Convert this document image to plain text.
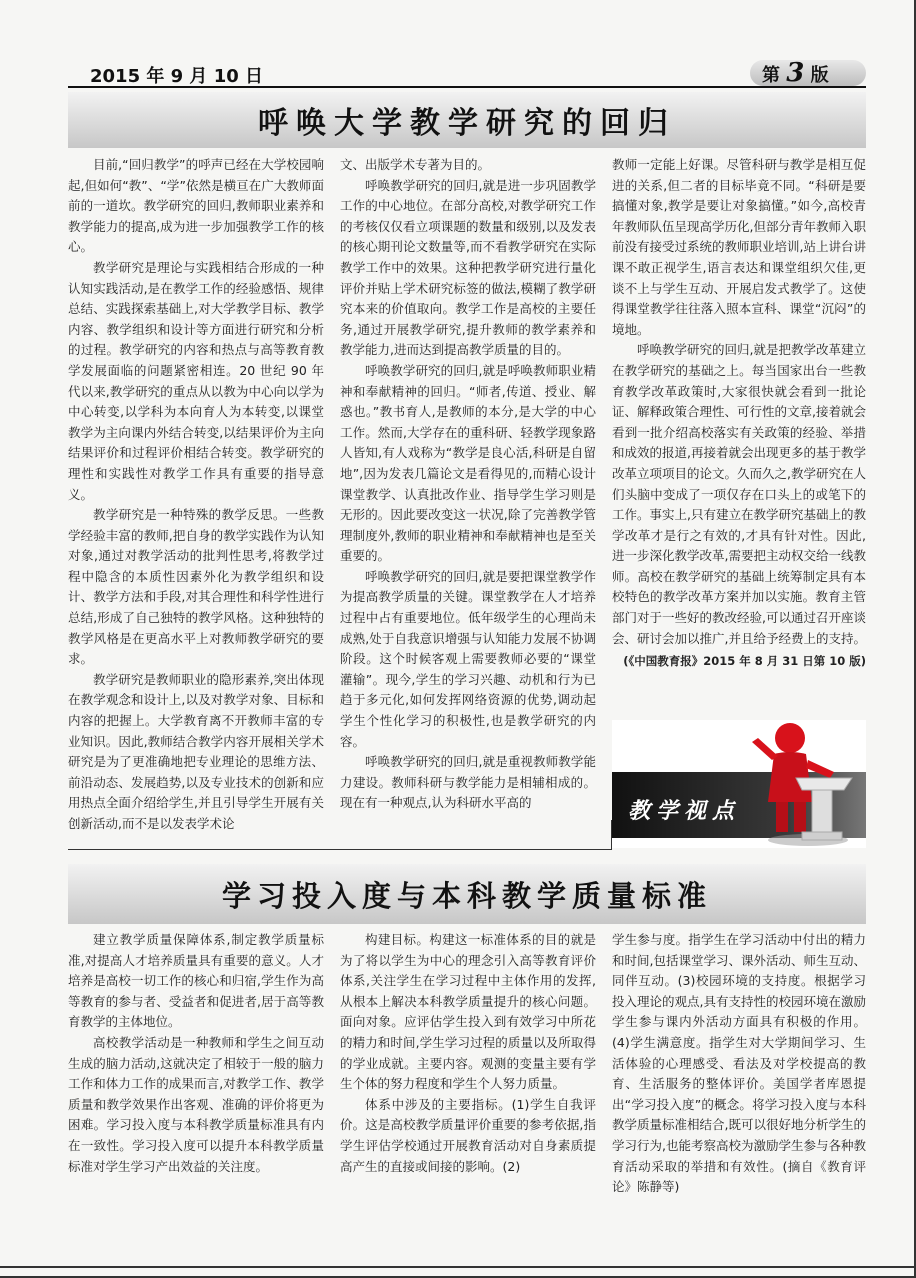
2015 年 9 月 10 日	第 3 版
呼唤大学教学研究的回归

目前,“回归教学”的呼声已经在大学校园响起,但如何“教”、“学”依然是横亘在广大教师面前的一道坎。教学研究的回归,教师职业素养和教学能力的提高,成为进一步加强教学工作的核心。

教学研究是理论与实践相结合形成的一种认知实践活动,是在教学工作的经验感悟、规律总结、实践探索基础上,对大学教学目标、教学内容、教学组织和设计等方面进行研究和分析的过程。教学研究的内容和热点与高等教育教学发展面临的问题紧密相连。20 世纪 90 年代以来,教学研究的重点从以教为中心向以学为中心转变,以学科为本向育人为本转变,以课堂教学为主向课内外结合转变,以结果评价为主向结果评价和过程评价相结合转变。教学研究的理性和实践性对教学工作具有重要的指导意义。

教学研究是一种特殊的教学反思。一些教学经验丰富的教师,把自身的教学实践作为认知对象,通过对教学活动的批判性思考,将教学过程中隐含的本质性因素外化为教学组织和设计、教学方法和手段,对其合理性和科学性进行总结,形成了自己独特的教学风格。这种独特的教学风格是在更高水平上对教师教学研究的要求。

教学研究是教师职业的隐形素养,突出体现在教学观念和设计上,以及对教学对象、目标和内容的把握上。大学教育离不开教师丰富的专业知识。因此,教师结合教学内容开展相关学术研究是为了更准确地把专业理论的思维方法、前沿动态、发展趋势,以及专业技术的创新和应用热点全面介绍给学生,并且引导学生开展有关创新活动,而不是以发表学术论

文、出版学术专著为目的。

呼唤教学研究的回归,就是进一步巩固教学工作的中心地位。在部分高校,对教学研究工作的考核仅仅看立项课题的数量和级别,以及发表的核心期刊论文数量等,而不看教学研究在实际教学工作中的效果。这种把教学研究进行量化评价并贴上学术研究标签的做法,模糊了教学研究本来的价值取向。教学工作是高校的主要任务,通过开展教学研究,提升教师的教学素养和教学能力,进而达到提高教学质量的目的。

呼唤教学研究的回归,就是呼唤教师职业精神和奉献精神的回归。“师者,传道、授业、解惑也。”教书育人,是教师的本分,是大学的中心工作。然而,大学存在的重科研、轻教学现象路人皆知,有人戏称为“教学是良心活,科研是自留地”,因为发表几篇论文是看得见的,而精心设计课堂教学、认真批改作业、指导学生学习则是无形的。因此要改变这一状况,除了完善教学管理制度外,教师的职业精神和奉献精神也是至关重要的。

呼唤教学研究的回归,就是要把课堂教学作为提高教学质量的关键。课堂教学在人才培养过程中占有重要地位。低年级学生的心理尚未成熟,处于自我意识增强与认知能力发展不协调阶段。这个时候客观上需要教师必要的“课堂灌输”。现今,学生的学习兴趣、动机和行为已趋于多元化,如何发挥网络资源的优势,调动起学生个性化学习的积极性,也是教学研究的内容。

呼唤教学研究的回归,就是重视教师教学能力建设。教师科研与教学能力是相辅相成的。现在有一种观点,认为科研水平高的

教师一定能上好课。尽管科研与教学是相互促进的关系,但二者的目标毕竟不同。“科研是要搞懂对象,教学是要让对象搞懂。”如今,高校青年教师队伍呈现高学历化,但部分青年教师入职前没有接受过系统的教师职业培训,站上讲台讲课不敢正视学生,语言表达和课堂组织欠佳,更谈不上与学生互动、开展启发式教学了。这使得课堂教学往往落入照本宣科、课堂“沉闷”的境地。

呼唤教学研究的回归,就是把教学改革建立在教学研究的基础之上。每当国家出台一些教育教学改革政策时,大家很快就会看到一批论证、解释政策合理性、可行性的文章,接着就会看到一批介绍高校落实有关政策的经验、举措和成效的报道,再接着就会出现更多的基于教学改革立项项目的论文。久而久之,教学研究在人们头脑中变成了一项仅存在口头上的或笔下的工作。事实上,只有建立在教学研究基础上的教学改革才是行之有效的,才具有针对性。因此,进一步深化教学改革,需要把主动权交给一线教师。高校在教学研究的基础上统筹制定具有本校特色的教学改革方案并加以实施。教育主管部门对于一些好的教改经验,可以通过召开座谈会、研讨会加以推广,并且给予经费上的支持。

(《中国教育报》2015 年 8 月 31 日第 10 版)
教学视点
学习投入度与本科教学质量标准

建立教学质量保障体系,制定教学质量标准,对提高人才培养质量具有重要的意义。人才培养是高校一切工作的核心和归宿,学生作为高等教育的参与者、受益者和促进者,居于高等教育教学的主体地位。

高校教学活动是一种教师和学生之间互动生成的脑力活动,这就决定了相较于一般的脑力工作和体力工作的成果而言,对教学工作、教学质量和教学效果作出客观、准确的评价将更为困难。学习投入度与本科教学质量标准具有内在一致性。学习投入度可以提升本科教学质量标准对学生学习产出效益的关注度。

构建目标。构建这一标准体系的目的就是为了将以学生为中心的理念引入高等教育评价体系,关注学生在学习过程中主体作用的发挥,从根本上解决本科教学质量提升的核心问题。面向对象。应评估学生投入到有效学习中所花的精力和时间,学生学习过程的质量以及所取得的学业成就。主要内容。观测的变量主要有学生个体的努力程度和学生个人努力质量。

体系中涉及的主要指标。(1)学生自我评价。这是高校教学质量评价重要的参考依据,指学生评估学校通过开展教育活动对自身素质提高产生的直接或间接的影响。(2)

学生参与度。指学生在学习活动中付出的精力和时间,包括课堂学习、课外活动、师生互动、同伴互动。(3)校园环境的支持度。根据学习投入理论的观点,具有支持性的校园环境在激励学生参与课内外活动方面具有积极的作用。(4)学生满意度。指学生对大学期间学习、生活体验的心理感受、看法及对学校提高的教育、生活服务的整体评价。美国学者库恩提出“学习投入度”的概念。将学习投入度与本科教学质量标准相结合,既可以很好地分析学生的学习行为,也能考察高校为激励学生参与各种教育活动采取的举措和有效性。(摘自《教育评论》陈静等)
